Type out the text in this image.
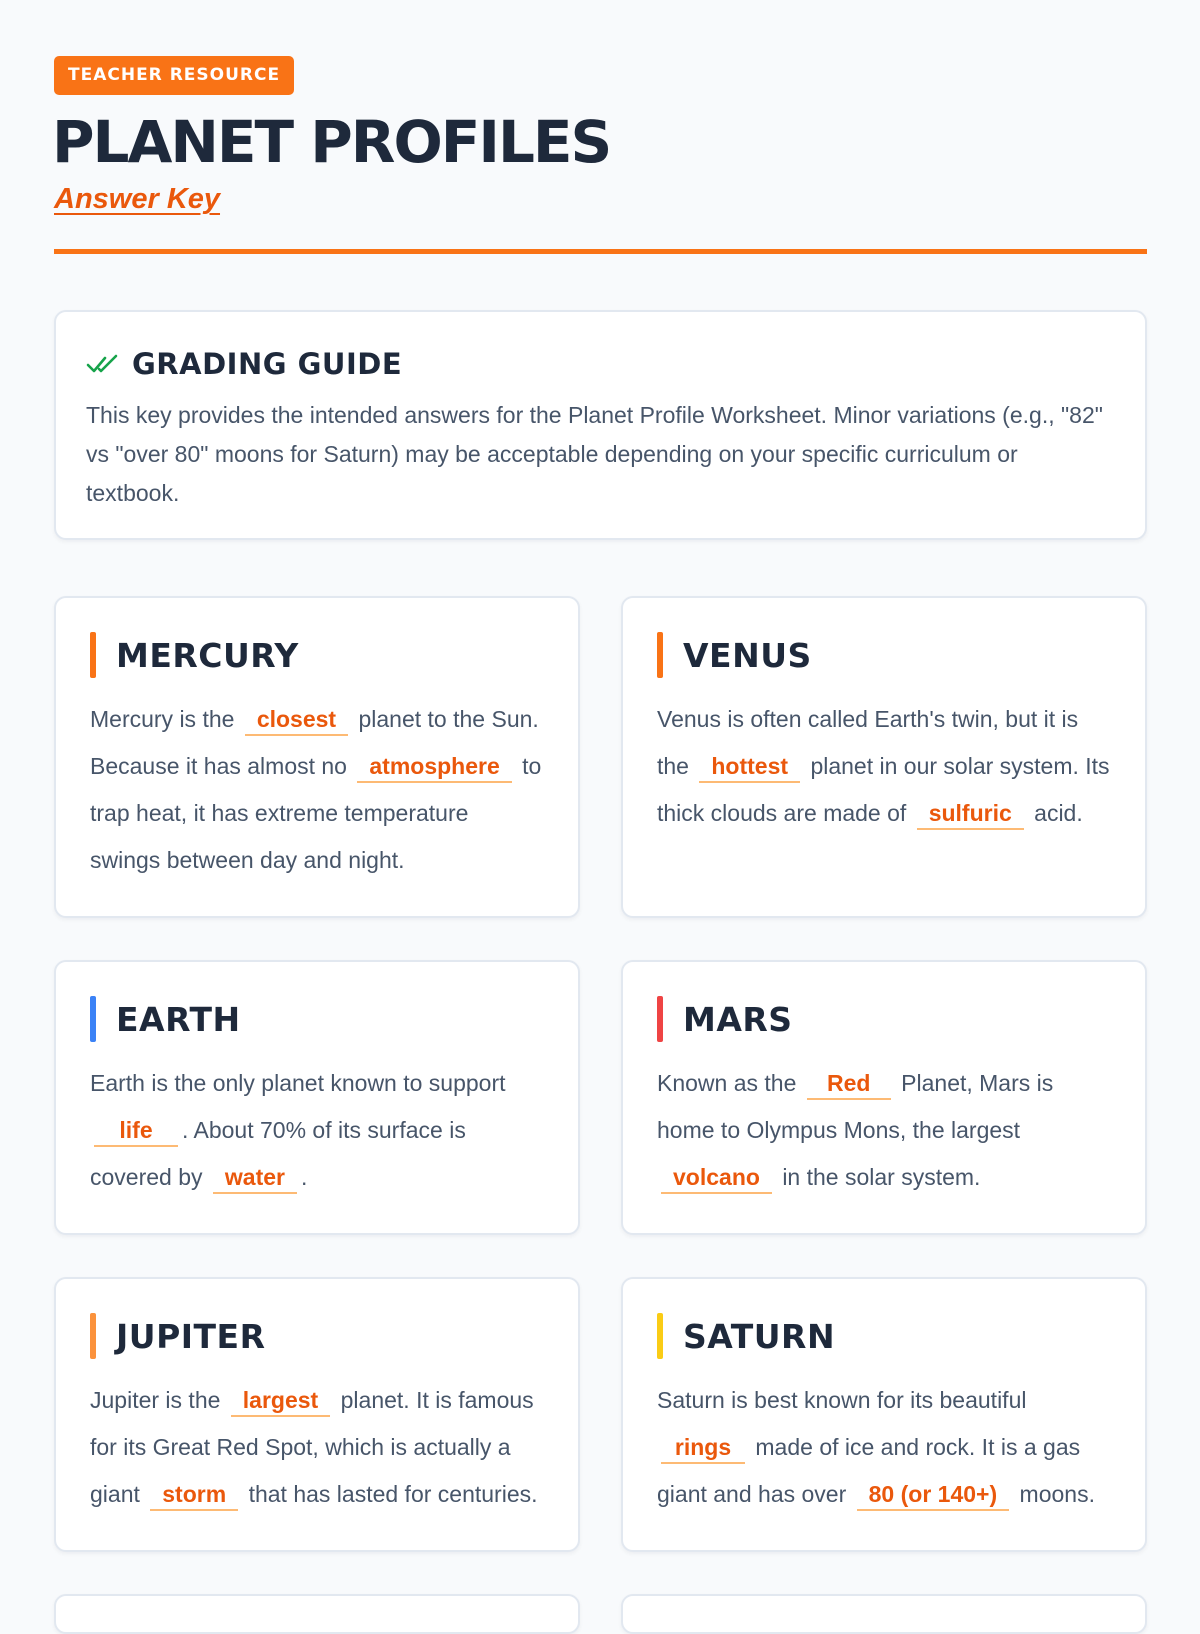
TEACHER RESOURCE
PLANET PROFILES
Answer Key
GRADING GUIDE

This key provides the intended answers for the Planet Profile Worksheet. Minor variations (e.g., "82" vs "over 80" moons for Saturn) may be acceptable depending on your specific curriculum or textbook.

MERCURY

Mercury is the closest planet to the Sun. Because it has almost no atmosphere to trap heat, it has extreme temperature swings between day and night.

VENUS

Venus is often called Earth's twin, but it is the hottest planet in our solar system. Its thick clouds are made of sulfuric acid.

EARTH

Earth is the only planet known to support life . About 70% of its surface is covered by water .

MARS

Known as the Red Planet, Mars is home to Olympus Mons, the largest volcano in the solar system.

JUPITER

Jupiter is the largest planet. It is famous for its Great Red Spot, which is actually a giant storm that has lasted for centuries.

SATURN

Saturn is best known for its beautiful rings made of ice and rock. It is a gas giant and has over 80 (or 140+) moons.
